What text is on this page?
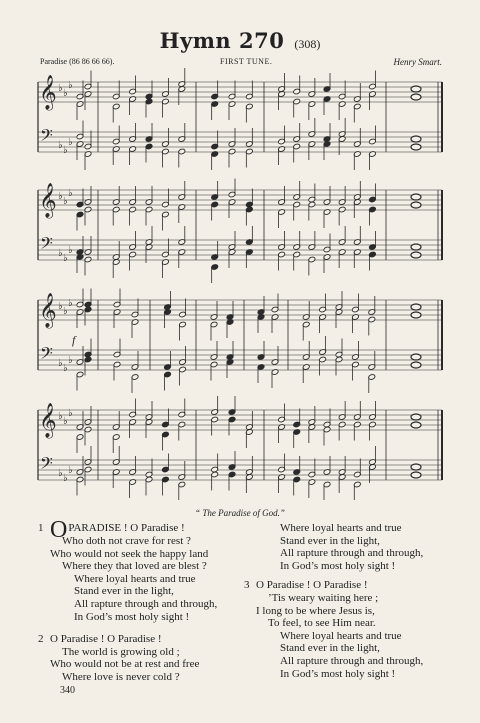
Hymn 270 (308)
Paradise (86 86 66 66).	FIRST TUNE.	Henry Smart.
𝄞
𝄢
♭ ♭
♭
♭ ♭
♭
𝄞
𝄢
♭ ♭
♭
♭ ♭
♭
𝄞
𝄢
♭ ♭
♭
♭ ♭
♭
𝄞
𝄢
♭ ♭
♭
♭ ♭
♭
f
“ The Paradise of God.”
1 OPARADISE ! O Paradise !
Who doth not crave for rest ?
Who would not seek the happy land
Where they that loved are blest ?
Where loyal hearts and true
Stand ever in the light,
All rapture through and through,
In God’s most holy sight !
2 O Paradise ! O Paradise !
The world is growing old ;
Who would not be at rest and free
Where love is never cold ?
Where loyal hearts and true
Stand ever in the light,
All rapture through and through,
In God’s most holy sight !
3 O Paradise ! O Paradise !
’Tis weary waiting here ;
I long to be where Jesus is,
To feel, to see Him near.
Where loyal hearts and true
Stand ever in the light,
All rapture through and through,
In God’s most holy sight !
340
